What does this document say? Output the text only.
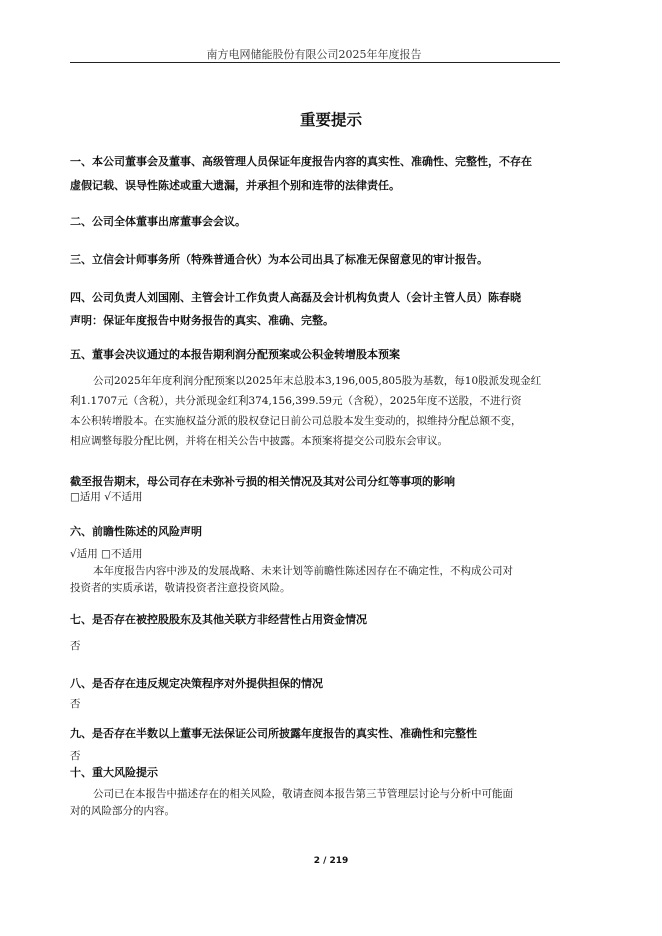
南方电网储能股份有限公司2025年年度报告
重要提示
一、本公司董事会及董事、高级管理人员保证年度报告内容的真实性、准确性、完整性，不存在
虚假记载、误导性陈述或重大遗漏，并承担个别和连带的法律责任。
二、公司全体董事出席董事会会议。
三、立信会计师事务所（特殊普通合伙）为本公司出具了标准无保留意见的审计报告。
四、公司负责人刘国刚、主管会计工作负责人高磊及会计机构负责人（会计主管人员）陈春晓
声明：保证年度报告中财务报告的真实、准确、完整。
五、董事会决议通过的本报告期利润分配预案或公积金转增股本预案
公司2025年年度利润分配预案以2025年末总股本3,196,005,805股为基数，每10股派发现金红
利1.1707元（含税），共分派现金红利374,156,399.59元（含税），2025年度不送股，不进行资
本公积转增股本。在实施权益分派的股权登记日前公司总股本发生变动的，拟维持分配总额不变，
相应调整每股分配比例，并将在相关公告中披露。本预案将提交公司股东会审议。
截至报告期末，母公司存在未弥补亏损的相关情况及其对公司分红等事项的影响
□适用 √不适用
六、前瞻性陈述的风险声明
√适用 □不适用
本年度报告内容中涉及的发展战略、未来计划等前瞻性陈述因存在不确定性，不构成公司对
投资者的实质承诺，敬请投资者注意投资风险。
七、是否存在被控股股东及其他关联方非经营性占用资金情况
否
八、是否存在违反规定决策程序对外提供担保的情况
否
九、是否存在半数以上董事无法保证公司所披露年度报告的真实性、准确性和完整性
否
十、重大风险提示
公司已在本报告中描述存在的相关风险，敬请查阅本报告第三节管理层讨论与分析中可能面
对的风险部分的内容。
2 / 219
